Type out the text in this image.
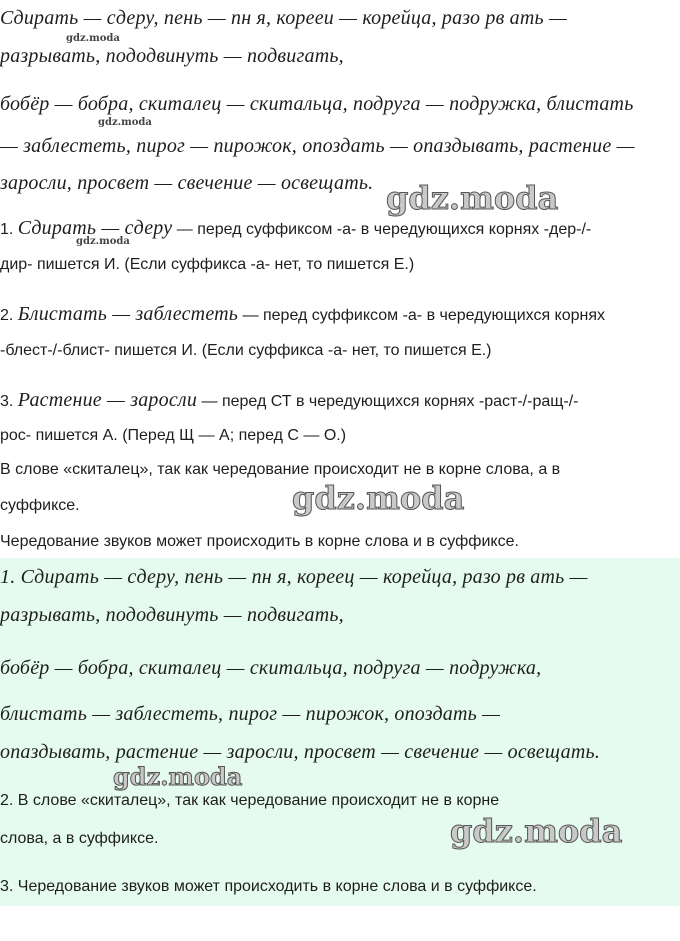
Сдирать — сдеру, пень — пн я, корееи — корейца, разо рв ать —
разрывать, пододвинуть — подвигать,
бобёр — бобра, скиталец — скитальца, подруга — подружка, блистать
— заблестеть, пирог — пирожок, опоздать — опаздывать, растение —
заросли, просвет — свечение — освещать.
1. Сдирать — сдеру — перед суффиксом -а- в чередующихся корнях -дер-/-
дир- пишется И. (Если суффикса -а- нет, то пишется Е.)
2. Блистать — заблестеть — перед суффиксом -а- в чередующихся корнях
-блест-/-блист- пишется И. (Если суффикса -а- нет, то пишется Е.)
3. Растение — заросли — перед СТ в чередующихся корнях -раст-/-ращ-/-
рос- пишется А. (Перед Щ — А; перед С — О.)
В слове «скиталец», так как чередование происходит не в корне слова, а в
суффиксе.
Чередование звуков может происходить в корне слова и в суффиксе.
1. Сдирать — сдеру, пень — пн я, кореец — корейца, разо рв ать —
разрывать, пододвинуть — подвигать,
бобёр — бобра, скиталец — скитальца, подруга — подружка,
блистать — заблестеть, пирог — пирожок, опоздать —
опаздывать, растение — заросли, просвет — свечение — освещать.
2. В слове «скиталец», так как чередование происходит не в корне
слова, а в суффиксе.
3. Чередование звуков может происходить в корне слова и в суффиксе.
gdz.moda
gdz.moda
gdz.moda
gdz.moda
gdz.moda
gdz.moda
gdz.moda
